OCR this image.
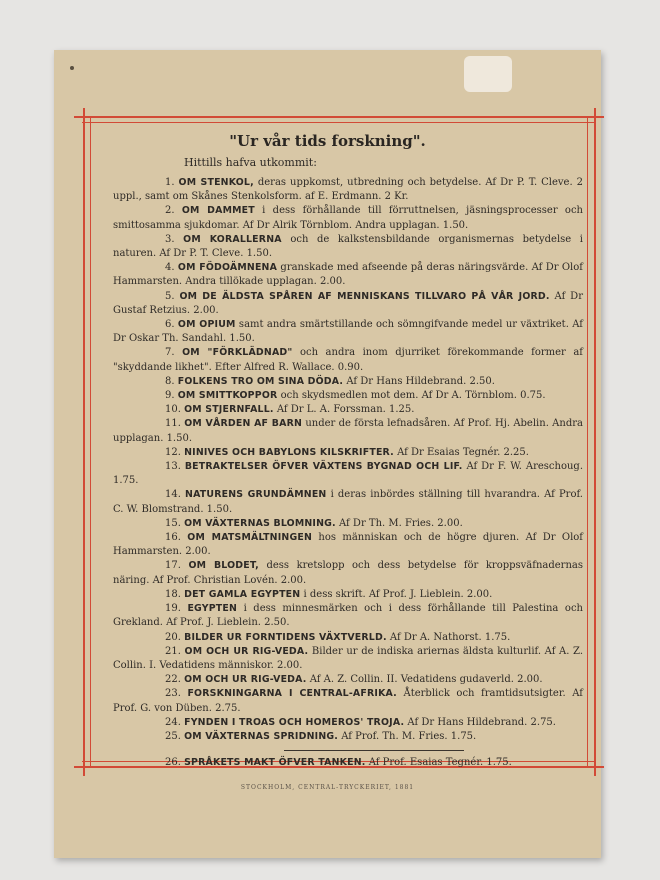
"Ur vår tids forskning".
Hittills hafva utkommit:
1. OM STENKOL, deras uppkomst, utbredning och betydelse. Af Dr P. T. Cleve. 2 uppl., samt om Skånes Stenkolsform. af E. Erdmann. 2 Kr.
2. OM DAMMET i dess förhållande till förruttnelsen, jäsningsprocesser och smittosamma sjukdomar. Af Dr Alrik Törnblom. Andra upplagan. 1.50.
3. OM KORALLERNA och de kalkstensbildande organismernas betydelse i naturen. Af Dr P. T. Cleve. 1.50.
4. OM FÖDOÄMNENA granskade med afseende på deras näringsvärde. Af Dr Olof Hammarsten. Andra tillökade upplagan. 2.00.
5. OM DE ÄLDSTA SPÅREN AF MENNISKANS TILLVARO PÅ VÅR JORD. Af Dr Gustaf Retzius. 2.00.
6. OM OPIUM samt andra smärtstillande och sömngifvande medel ur växtriket. Af Dr Oskar Th. Sandahl. 1.50.
7. OM "FÖRKLÄDNAD" och andra inom djurriket förekommande former af "skyddande likhet". Efter Alfred R. Wallace. 0.90.
8. FOLKENS TRO OM SINA DÖDA. Af Dr Hans Hildebrand. 2.50.
9. OM SMITTKOPPOR och skydsmedlen mot dem. Af Dr A. Törnblom. 0.75.
10. OM STJERNFALL. Af Dr L. A. Forssman. 1.25.
11. OM VÅRDEN AF BARN under de första lefnadsåren. Af Prof. Hj. Abelin. Andra upplagan. 1.50.
12. NINIVES OCH BABYLONS KILSKRIFTER. Af Dr Esaias Tegnér. 2.25.
13. BETRAKTELSER ÖFVER VÄXTENS BYGNAD OCH LIF. Af Dr F. W. Areschoug. 1.75.
14. NATURENS GRUNDÄMNEN i deras inbördes ställning till hvarandra. Af Prof. C. W. Blomstrand. 1.50.
15. OM VÄXTERNAS BLOMNING. Af Dr Th. M. Fries. 2.00.
16. OM MATSMÄLTNINGEN hos människan och de högre djuren. Af Dr Olof Hammarsten. 2.00.
17. OM BLODET, dess kretslopp och dess betydelse för kroppsväfnadernas näring. Af Prof. Christian Lovén. 2.00.
18. DET GAMLA EGYPTEN i dess skrift. Af Prof. J. Lieblein. 2.00.
19. EGYPTEN i dess minnesmärken och i dess förhållande till Palestina och Grekland. Af Prof. J. Lieblein. 2.50.
20. BILDER UR FORNTIDENS VÄXTVERLD. Af Dr A. Nathorst. 1.75.
21. OM OCH UR RIG-VEDA. Bilder ur de indiska ariernas äldsta kulturlif. Af A. Z. Collin. I. Vedatidens människor. 2.00.
22. OM OCH UR RIG-VEDA. Af A. Z. Collin. II. Vedatidens gudaverld. 2.00.
23. FORSKNINGARNA I CENTRAL-AFRIKA. Återblick och framtidsutsigter. Af Prof. G. von Düben. 2.75.
24. FYNDEN I TROAS OCH HOMEROS' TROJA. Af Dr Hans Hildebrand. 2.75.
25. OM VÄXTERNAS SPRIDNING. Af Prof. Th. M. Fries. 1.75.
26. SPRÅKETS MAKT ÖFVER TANKEN. Af Prof. Esaias Tegnér. 1.75.
STOCKHOLM, CENTRAL-TRYCKERIET, 1881
